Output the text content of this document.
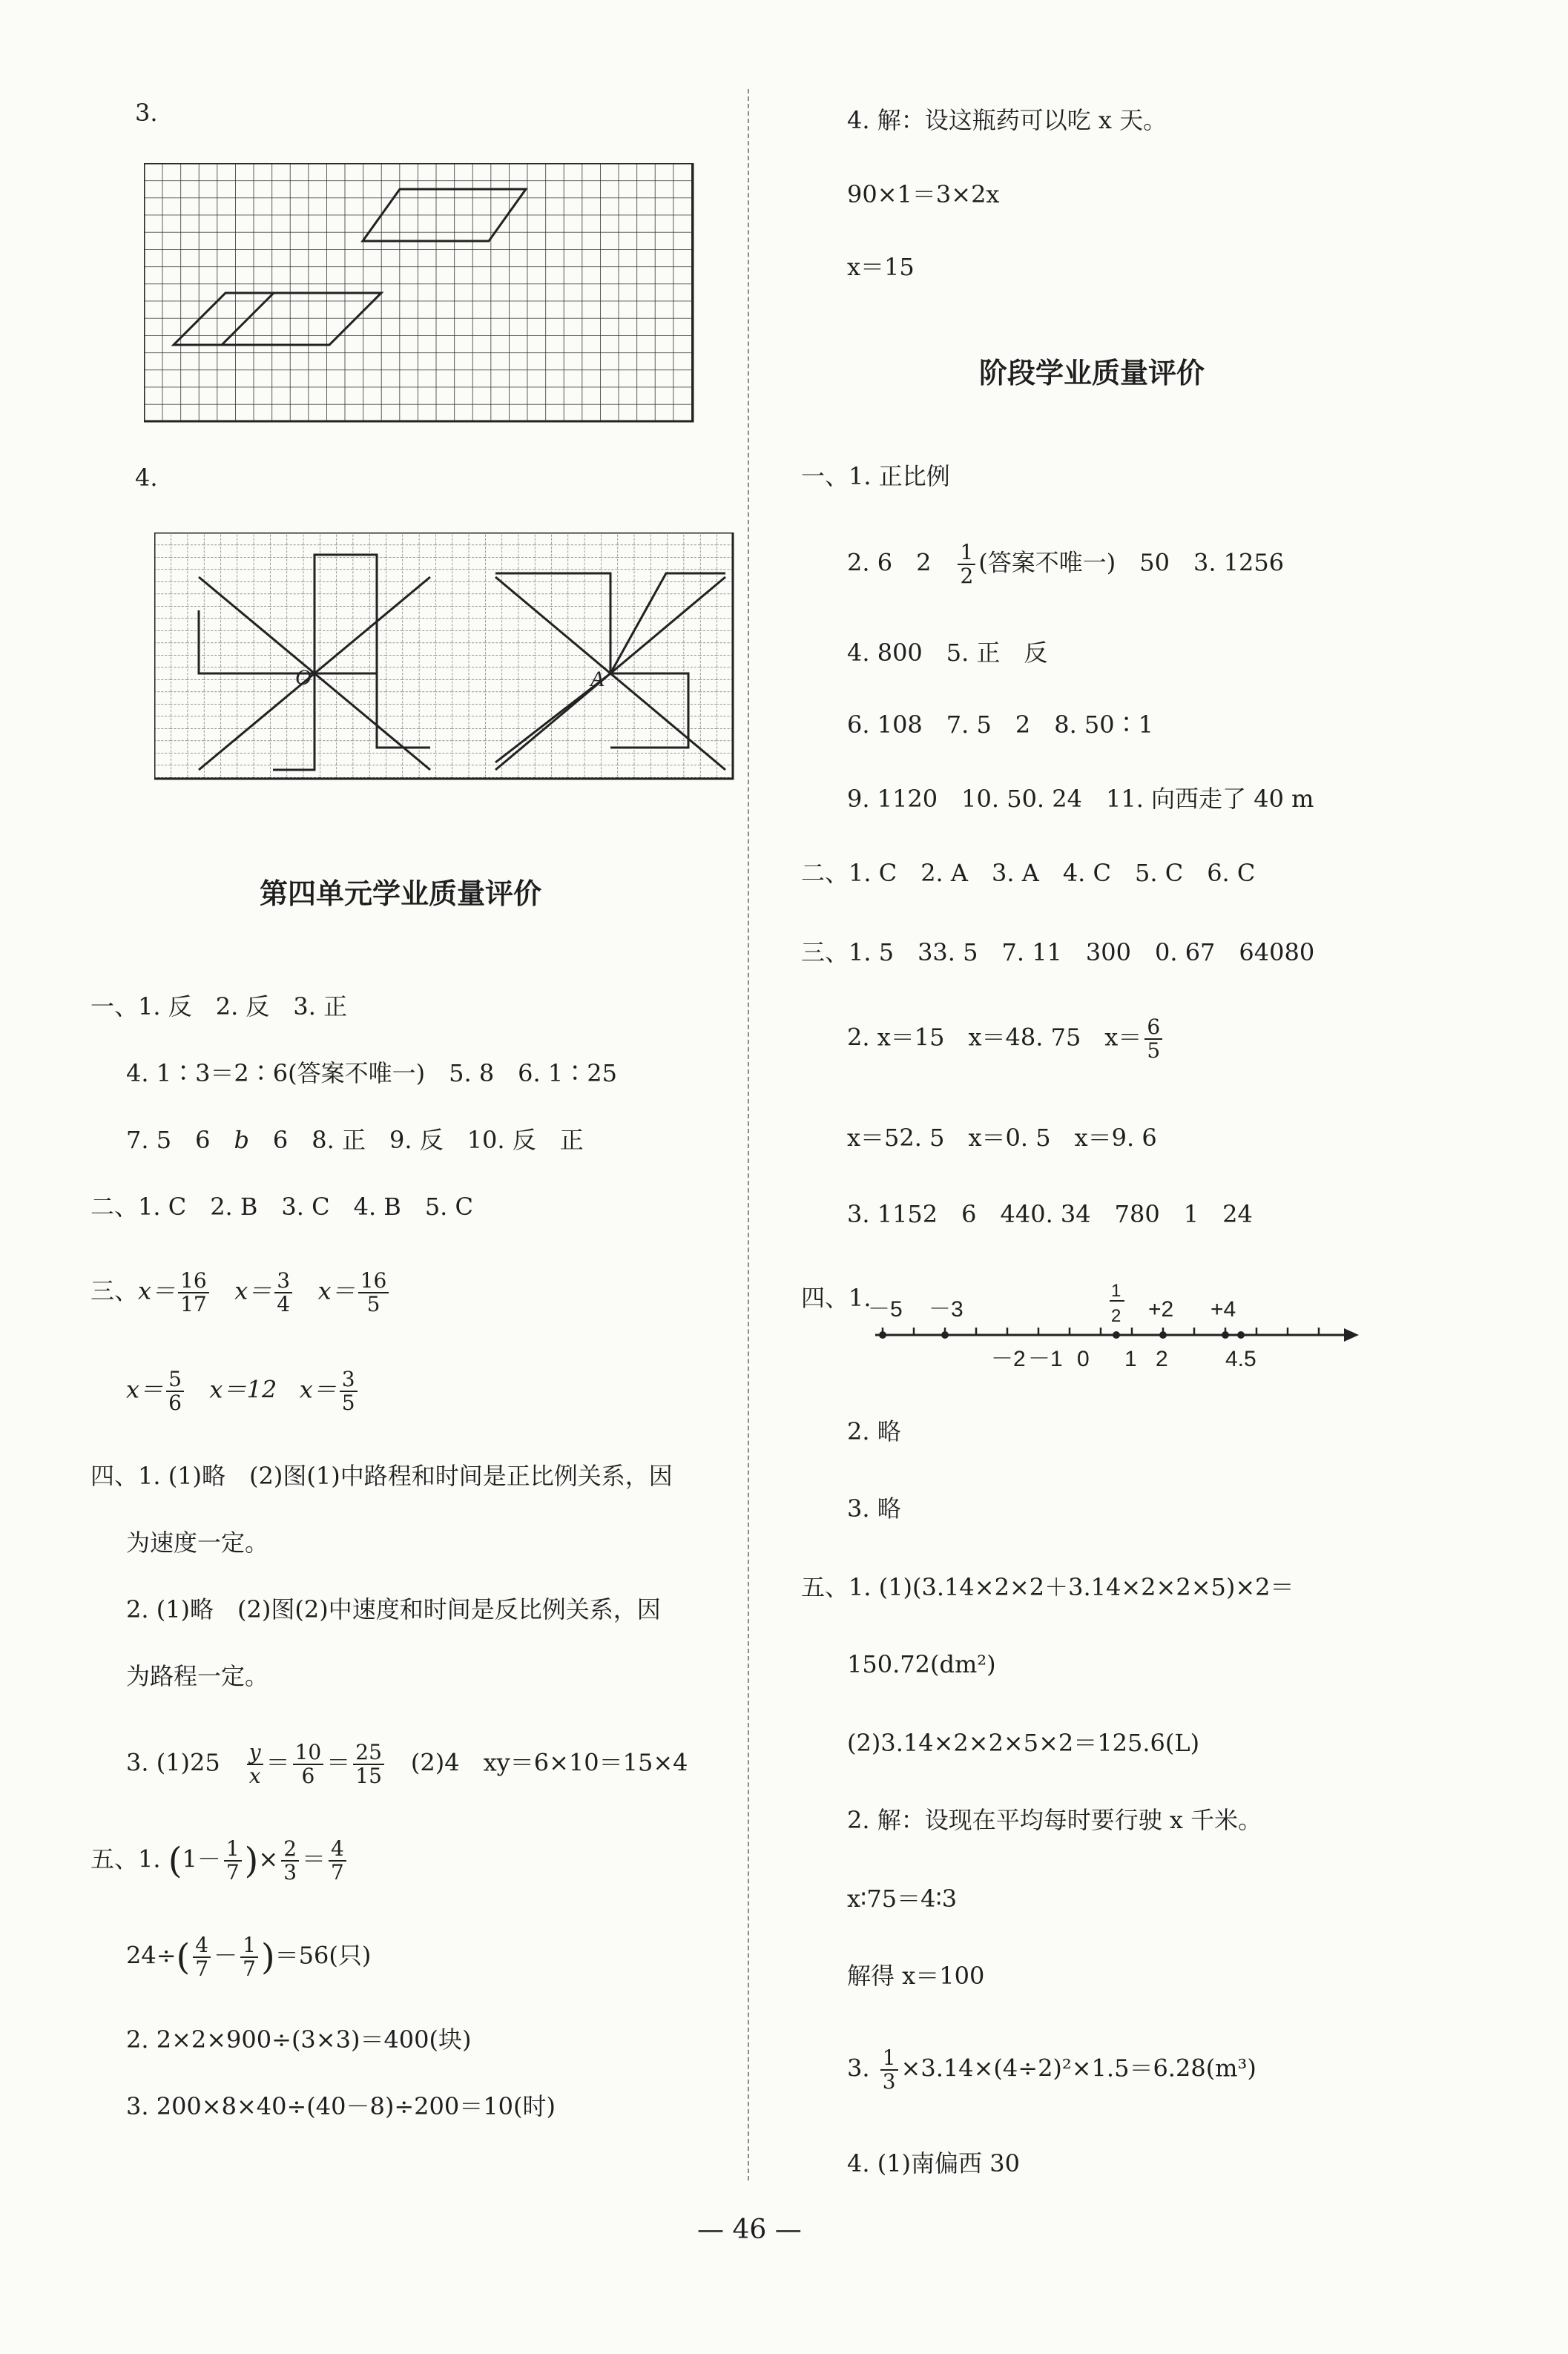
3.
4.
O	A
第四单元学业质量评价
一、1. 反　2. 反　3. 正
4. 1∶3＝2∶6(答案不唯一)　5. 8　6. 1∶25
7. 5　6　b　6　8. 正　9. 反　10. 反　正
二、1. C　2. B　3. C　4. B　5. C
三、$x= \frac{16}{17} x= \frac{3}{4} x= \frac{16}{5}$
$x= \frac{5}{6} x=12$ $x= \frac{3}{5}$
四、1. (1)略　(2)图(1)中路程和时间是正比例关系，因
为速度一定。
2. (1)略　(2)图(2)中速度和时间是反比例关系，因
为路程一定。
3. (1)25　 $\frac{y}{x} = \frac{10}{6} = \frac{25}{15}$ 　(2)4　xy＝6×10＝15×4
五、1. ($1- \frac{1}{7}$ )× $\frac{2}{3} = \frac{4}{7}$
$24\div( \frac{4}{7} - \frac{1}{7} )=56$(只)
2. 2×2×900÷(3×3)＝400(块)
3. 200×8×40÷(40－8)÷200＝10(时)
4. 解：设这瓶药可以吃 x 天。
90×1＝3×2x
x＝15
阶段学业质量评价
一、1. 正比例
2. 6　2　 $\frac{1}{2}$ (答案不唯一)　50　3. 1256
4. 800　5. 正　反
6. 108　7. 5　2　8. 50∶1
9. 1120　10. 50. 24　11. 向西走了 40 m
二、1. C　2. A　3. A　4. C　5. C　6. C
三、1. 5　33. 5　7. 11　300　0. 67　64080
2. x＝15　x＝48. 75　$x= \frac{6}{5}$
x＝52. 5　x＝0. 5　x＝9. 6
3. 1152　6　440. 34　780　1　24
四、1.
－5 －3	+2 +4
1
2
－2 －1 0 1 2	4.5
2. 略
3. 略
五、1. (1)(3.14×2×2＋3.14×2×2×5)×2＝
150.72(dm²)
(2)3.14×2×2×5×2＝125.6(L)
2. 解：设现在平均每时要行驶 x 千米。
x∶75＝4∶3
解得 x＝100
3. $\frac{1}{3} \times 3.14\times(4\div 2)^2\times 1.5=6.28(m^3)$
4. (1)南偏西 30
— 46 —
